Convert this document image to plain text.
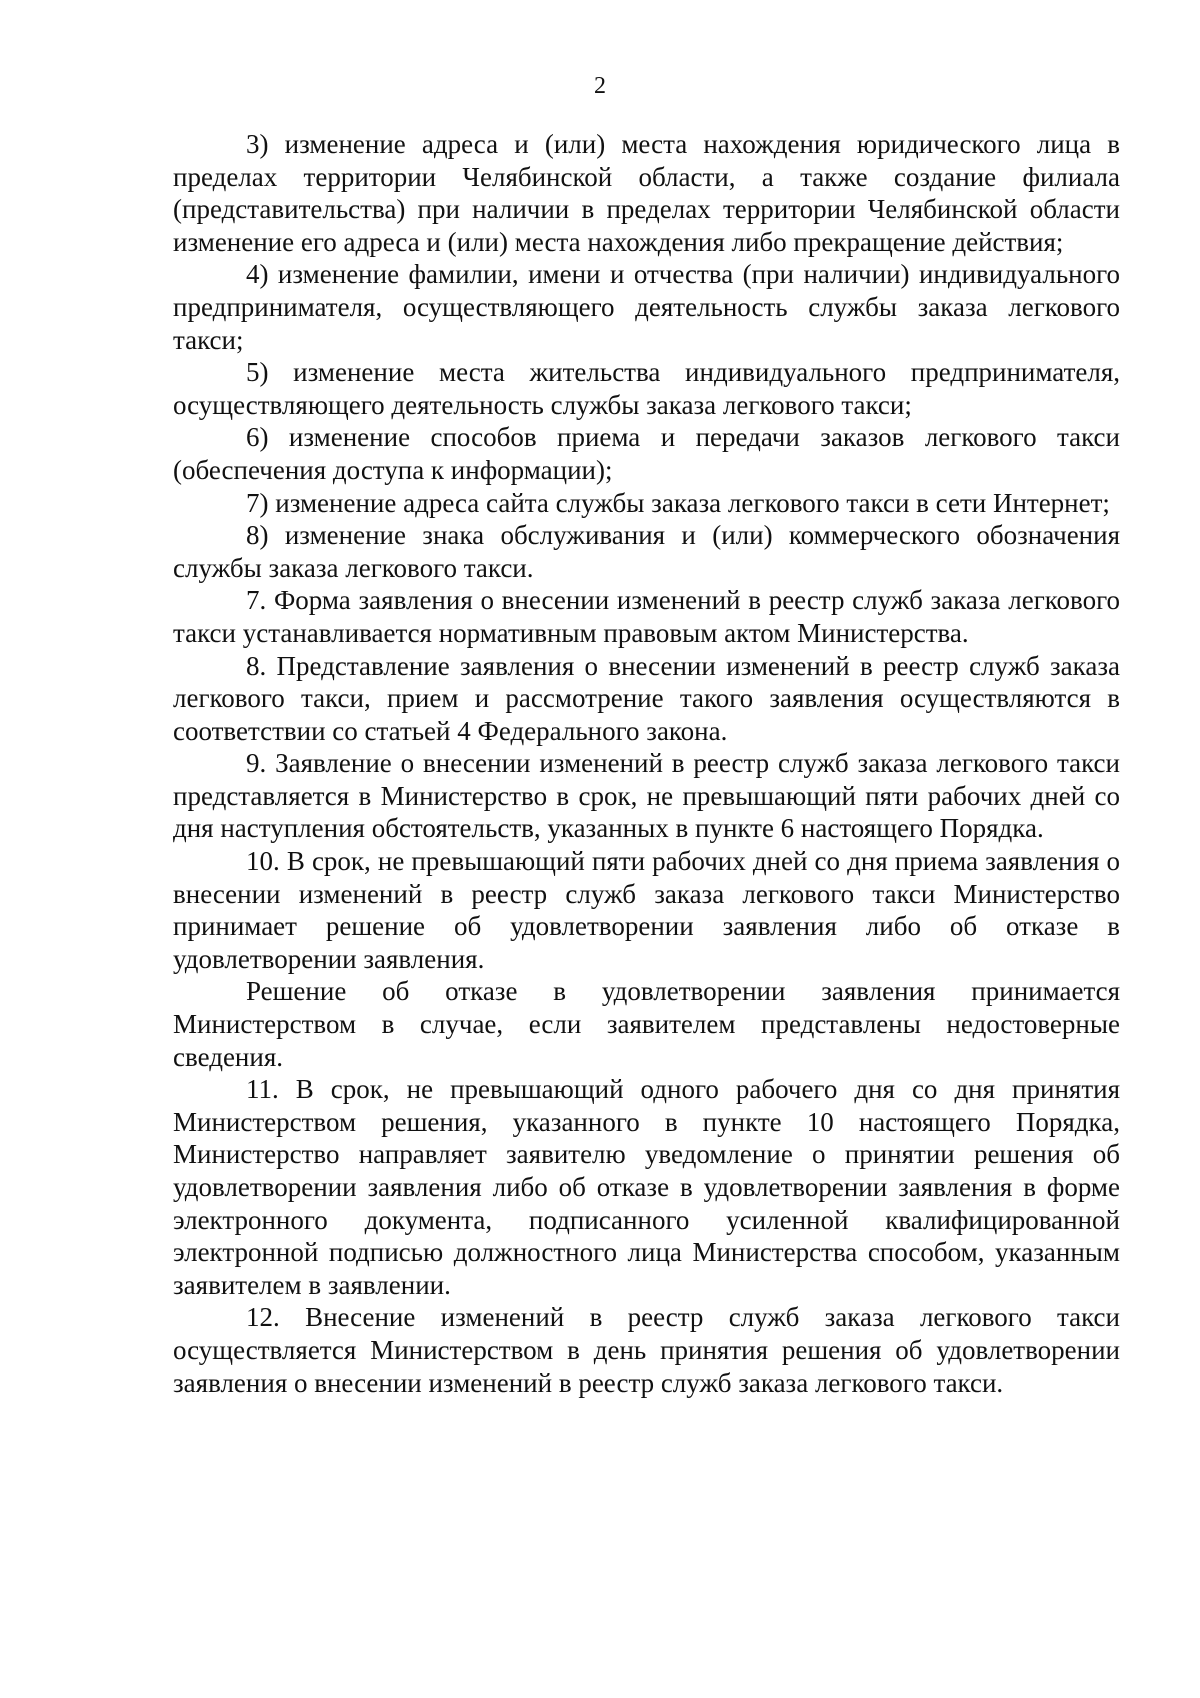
2

3) изменение адреса и (или) места нахождения юридического лица в пределах территории Челябинской области, а также создание филиала (представительства) при наличии в пределах территории Челябинской области изменение его адреса и (или) места нахождения либо прекращение действия;

4) изменение фамилии, имени и отчества (при наличии) индивидуального предпринимателя, осуществляющего деятельность службы заказа легкового такси;

5) изменение места жительства индивидуального предпринимателя, осуществляющего деятельность службы заказа легкового такси;

6) изменение способов приема и передачи заказов легкового такси (обеспечения доступа к информации);

7) изменение адреса сайта службы заказа легкового такси в сети Интернет;

8) изменение знака обслуживания и (или) коммерческого обозначения службы заказа легкового такси.

7. Форма заявления о внесении изменений в реестр служб заказа легкового такси устанавливается нормативным правовым актом Министерства.

8. Представление заявления о внесении изменений в реестр служб заказа легкового такси, прием и рассмотрение такого заявления осуществляются в соответствии со статьей 4 Федерального закона.

9. Заявление о внесении изменений в реестр служб заказа легкового такси представляется в Министерство в срок, не превышающий пяти рабочих дней со дня наступления обстоятельств, указанных в пункте 6 настоящего Порядка.

10. В срок, не превышающий пяти рабочих дней со дня приема заявления о внесении изменений в реестр служб заказа легкового такси Министерство принимает решение об удовлетворении заявления либо об отказе в удовлетворении заявления.

Решение об отказе в удовлетворении заявления принимается Министерством в случае, если заявителем представлены недостоверные сведения.

11. В срок, не превышающий одного рабочего дня со дня принятия Министерством решения, указанного в пункте 10 настоящего Порядка, Министерство направляет заявителю уведомление о принятии решения об удовлетворении заявления либо об отказе в удовлетворении заявления в форме электронного документа, подписанного усиленной квалифицированной электронной подписью должностного лица Министерства способом, указанным заявителем в заявлении.

12. Внесение изменений в реестр служб заказа легкового такси осуществляется Министерством в день принятия решения об удовлетворении заявления о внесении изменений в реестр служб заказа легкового такси.
